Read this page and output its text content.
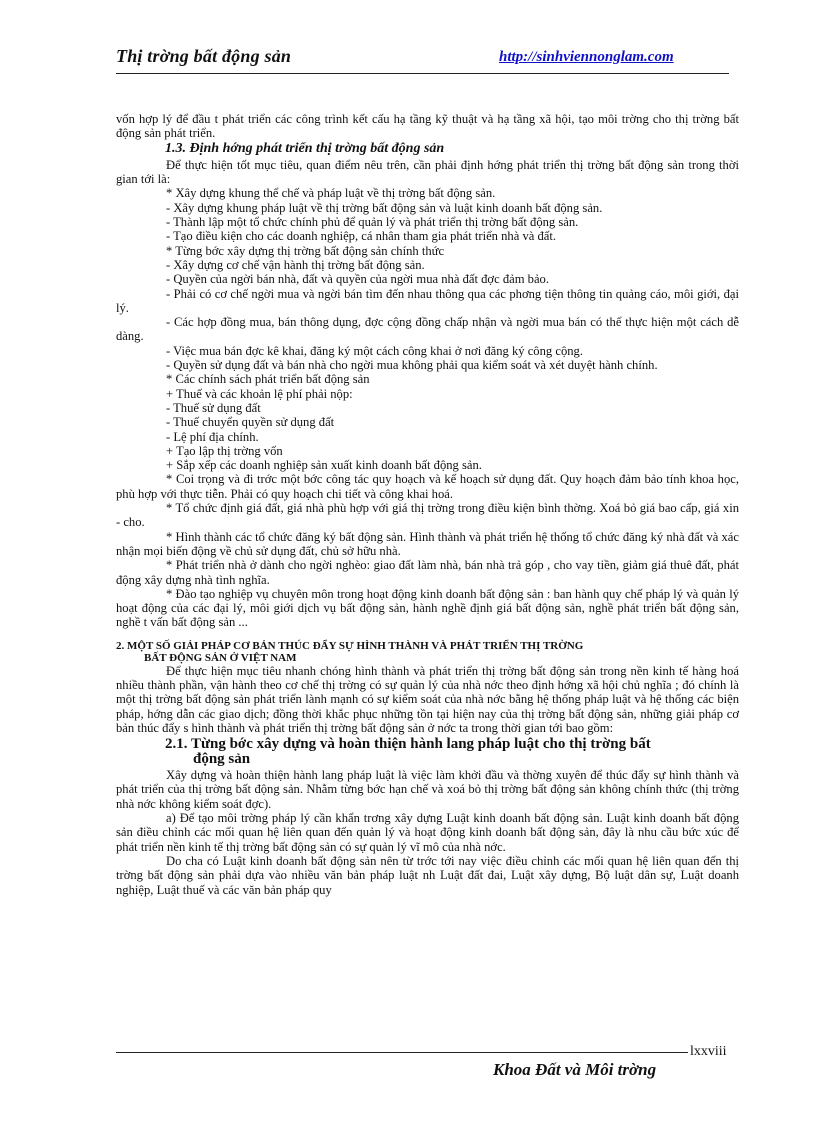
Thị trờng bất động sản	http://sinhviennonglam.com

vốn hợp lý để đầu t phát triển các công trình kết cấu hạ tầng kỹ thuật và hạ tầng xã hội, tạo môi trờng cho thị trờng bất động sản phát triển.

1.3. Định hớng phát triển thị trờng bất động sản

Để thực hiện tốt mục tiêu, quan điểm nêu trên, cần phải định hớng phát triển thị trờng bất động sản trong thời gian tới là:

* Xây dựng khung thể chế và pháp luật về thị trờng bất động sản.

- Xây dựng khung pháp luật về thị trờng bất động sản và luật kinh doanh bất động sản.

- Thành lập một tổ chức chính phủ để quản lý và phát triển thị trờng bất động sản.

- Tạo điều kiện cho các doanh nghiệp, cá nhân tham gia phát triển nhà và đất.

* Từng bớc xây dựng thị trờng bất động sản chính thức

- Xây dựng cơ chế vận hành thị trờng bất động sản.

- Quyền của ngời bán nhà, đất và quyền của ngời mua nhà đất đợc đảm bảo.

- Phải có cơ chế ngời mua và ngời bán tìm đến nhau thông qua các phơng tiện thông tin quảng cáo, môi giới, đại lý.

- Các hợp đồng mua, bán thông dụng, đợc cộng đồng chấp nhận và ngời mua bán có thể thực hiện một cách dễ dàng.

- Việc mua bán đợc kê khai, đăng ký một cách công khai ở nơi đăng ký công cộng.

- Quyền sử dụng đất và bán nhà cho ngời mua không phải qua kiểm soát và xét duyệt hành chính.

* Các chính sách phát triển bất động sản

+ Thuế và các khoản lệ phí phải nộp:

- Thuế sử dụng đất

- Thuế chuyển quyền sử dụng đất

- Lệ phí địa chính.

+ Tạo lập thị trờng vốn

+ Sắp xếp các doanh nghiệp sản xuất kinh doanh bất động sản.

* Coi trọng và đi trớc một bớc công tác quy hoạch và kế hoạch sử dụng đất. Quy hoạch đảm bảo tính khoa học, phù hợp với thực tiễn. Phải có quy hoạch chi tiết và công khai hoá.

* Tổ chức định giá đất, giá nhà phù hợp với giá thị trờng trong điều kiện bình thờng. Xoá bỏ giá bao cấp, giá xin - cho.

* Hình thành các tổ chức đăng ký bất động sản. Hình thành và phát triển hệ thống tổ chức đăng ký nhà đất và xác nhận mọi biến động về chủ sử dụng đất, chủ sở hữu nhà.

* Phát triển nhà ở dành cho ngời nghèo: giao đất làm nhà, bán nhà trả góp , cho vay tiền, giảm giá thuê đất, phát động xây dựng nhà tình nghĩa.

* Đào tạo nghiệp vụ chuyên môn trong hoạt động kinh doanh bất động sản : ban hành quy chế pháp lý và quản lý hoạt động của các đại lý, môi giới dịch vụ bất động sản, hành nghề định giá bất động sản, nghề phát triển bất động sản, nghề t vấn bất động sản ...

2. MỘT SỐ GIẢI PHÁP CƠ BẢN THÚC ĐẨY SỰ HÌNH THÀNH VÀ PHÁT TRIỂN THỊ TRỜNG
BẤT ĐỘNG SẢN Ở VIỆT NAM

Để thực hiện mục tiêu nhanh chóng hình thành và phát triển thị trờng bất động sản trong nền kinh tế hàng hoá nhiều thành phần, vận hành theo cơ chế thị trờng có sự quản lý của nhà nớc theo định hớng xã hội chủ nghĩa ; đó chính là một thị trờng bất động sản phát triển lành mạnh có sự kiểm soát của nhà nớc bằng hệ thống pháp luật và hệ thống các biện pháp, hớng dẫn các giao dịch; đồng thời khắc phục những tồn tại hiện nay của thị trờng bất động sản, những giải pháp cơ bản thúc đẩy s hình thành và phát triển thị trờng bất động sản ở nớc ta trong thời gian tới bao gồm:

2.1. Từng bớc xây dựng và hoàn thiện hành lang pháp luật cho thị trờng bất
động sản

Xây dựng và hoàn thiện hành lang pháp luật là việc làm khởi đầu và thờng xuyên để thúc đẩy sự hình thành và phát triển của thị trờng bất động sản. Nhằm từng bớc hạn chế và xoá bỏ thị trờng bất động sản không chính thức (thị trờng nhà nớc không kiểm soát đợc).

a) Để tạo môi trờng pháp lý cần khẩn trơng xây dựng Luật kinh doanh bất động sản. Luật kinh doanh bất động sản điều chỉnh các mối quan hệ liên quan đến quản lý và hoạt động kinh doanh bất động sản, đây là nhu cầu bức xúc để phát triển nền kinh tế thị trờng bất động sản có sự quản lý vĩ mô của nhà nớc.

Do cha có Luật kinh doanh bất động sản nên từ trớc tới nay việc điều chỉnh các mối quan hệ liên quan đến thị trờng bất động sản phải dựa vào nhiều văn bản pháp luật nh Luật đất đai, Luật xây dựng, Bộ luật dân sự, Luật doanh nghiệp, Luật thuế và các văn bản pháp quy

lxxviii
Khoa Đất và Môi trờng
